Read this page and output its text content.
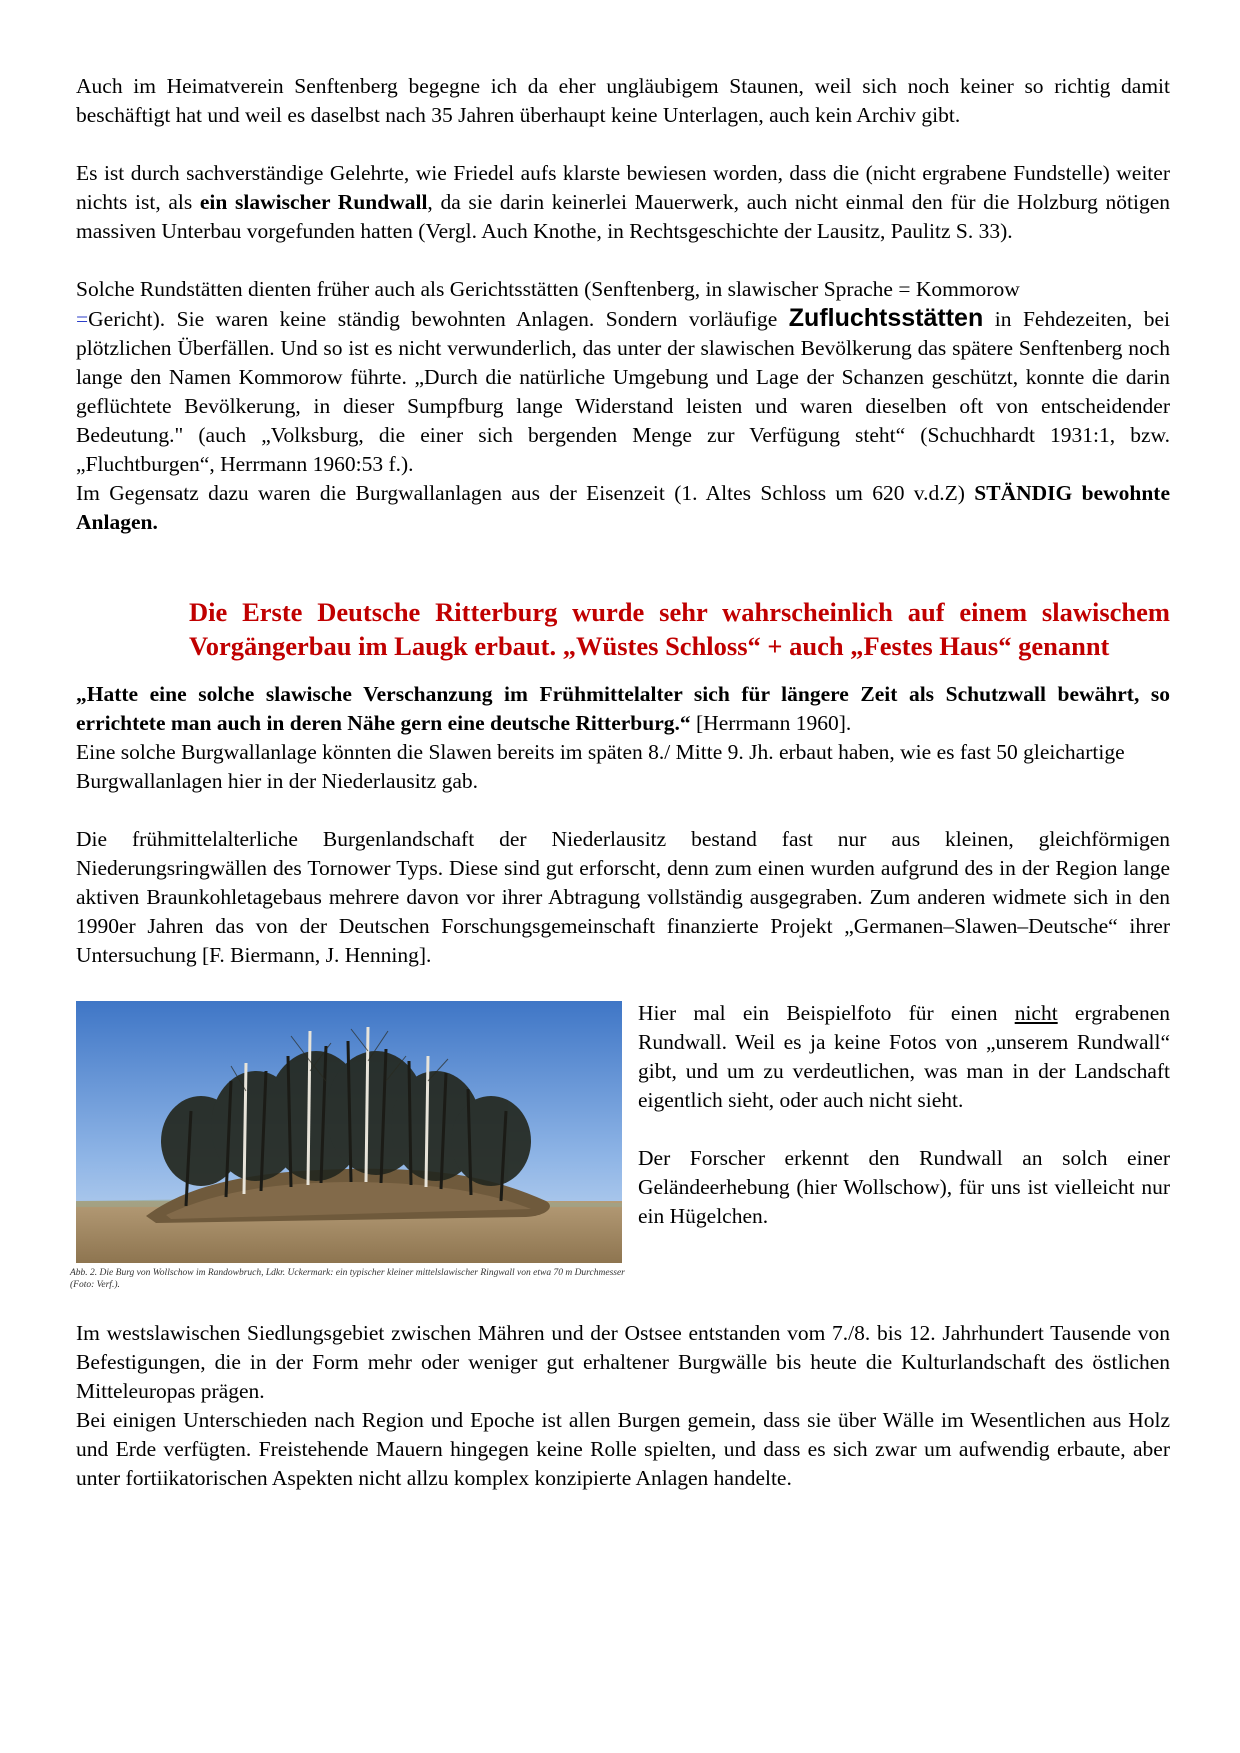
Auch im Heimatverein Senftenberg begegne ich da eher ungläubigem Staunen, weil sich noch keiner so richtig damit beschäftigt hat und weil es daselbst nach 35 Jahren überhaupt keine Unterlagen, auch kein Archiv gibt.

Es ist durch sachverständige Gelehrte, wie Friedel aufs klarste bewiesen worden, dass die (nicht ergrabene Fundstelle) weiter nichts ist, als ein slawischer Rundwall, da sie darin keinerlei Mauerwerk, auch nicht einmal den für die Holzburg nötigen massiven Unterbau vorgefunden hatten (Vergl. Auch Knothe, in Rechtsgeschichte der Lausitz, Paulitz S. 33).

Solche Rundstätten dienten früher auch als Gerichtsstätten (Senftenberg, in slawischer Sprache = Kommorow
=Gericht). Sie waren keine ständig bewohnten Anlagen. Sondern vorläufige Zufluchtsstätten in Fehdezeiten, bei plötzlichen Überfällen. Und so ist es nicht verwunderlich, das unter der slawischen Bevölkerung das spätere Senftenberg noch lange den Namen Kommorow führte. „Durch die natürliche Umgebung und Lage der Schanzen geschützt, konnte die darin geflüchtete Bevölkerung, in dieser Sumpfburg lange Widerstand leisten und waren dieselben oft von entscheidender Bedeutung." (auch „Volksburg, die einer sich bergenden Menge zur Verfügung steht“ (Schuchhardt 1931:1, bzw. „Fluchtburgen“, Herrmann 1960:53 f.).

Im Gegensatz dazu waren die Burgwallanlagen aus der Eisenzeit (1. Altes Schloss um 620 v.d.Z) STÄNDIG bewohnte Anlagen.

Die Erste Deutsche Ritterburg wurde sehr wahrscheinlich auf einem slawischem Vorgängerbau im Laugk erbaut. „Wüstes Schloss“ + auch „Festes Haus“ genannt

„Hatte eine solche slawische Verschanzung im Frühmittelalter sich für längere Zeit als Schutzwall bewährt, so errichtete man auch in deren Nähe gern eine deutsche Ritterburg.“ [Herrmann 1960].

Eine solche Burgwallanlage könnten die Slawen bereits im späten 8./ Mitte 9. Jh. erbaut haben, wie es fast 50 gleichartige Burgwallanlagen hier in der Niederlausitz gab.

Die frühmittelalterliche Burgenlandschaft der Niederlausitz bestand fast nur aus kleinen, gleichförmigen Niederungsringwällen des Tornower Typs. Diese sind gut erforscht, denn zum einen wurden aufgrund des in der Region lange aktiven Braunkohletagebaus mehrere davon vor ihrer Abtragung vollständig ausgegraben. Zum anderen widmete sich in den 1990er Jahren das von der Deutschen Forschungsgemeinschaft finanzierte Projekt „Germanen–Slawen–Deutsche“ ihrer Untersuchung [F. Biermann, J. Henning].

Abb. 2. Die Burg von Wollschow im Randowbruch, Ldkr. Uckermark: ein typischer kleiner mittelslawischer Ringwall von etwa 70 m Durchmesser (Foto: Verf.).

Hier mal ein Beispielfoto für einen nicht ergrabenen Rundwall. Weil es ja keine Fotos von „unserem Rundwall“ gibt, und um zu verdeutlichen, was man in der Landschaft eigentlich sieht, oder auch nicht sieht.

Der Forscher erkennt den Rundwall an solch einer Geländeerhebung (hier Wollschow), für uns ist vielleicht nur ein Hügelchen.

Im westslawischen Siedlungsgebiet zwischen Mähren und der Ostsee entstanden vom 7./8. bis 12. Jahrhundert Tausende von Befestigungen, die in der Form mehr oder weniger gut erhaltener Burgwälle bis heute die Kulturlandschaft des östlichen Mitteleuropas prägen.

Bei einigen Unterschieden nach Region und Epoche ist allen Burgen gemein, dass sie über Wälle im Wesentlichen aus Holz und Erde verfügten. Freistehende Mauern hingegen keine Rolle spielten, und dass es sich zwar um aufwendig erbaute, aber unter fortiikatorischen Aspekten nicht allzu komplex konzipierte Anlagen handelte.
